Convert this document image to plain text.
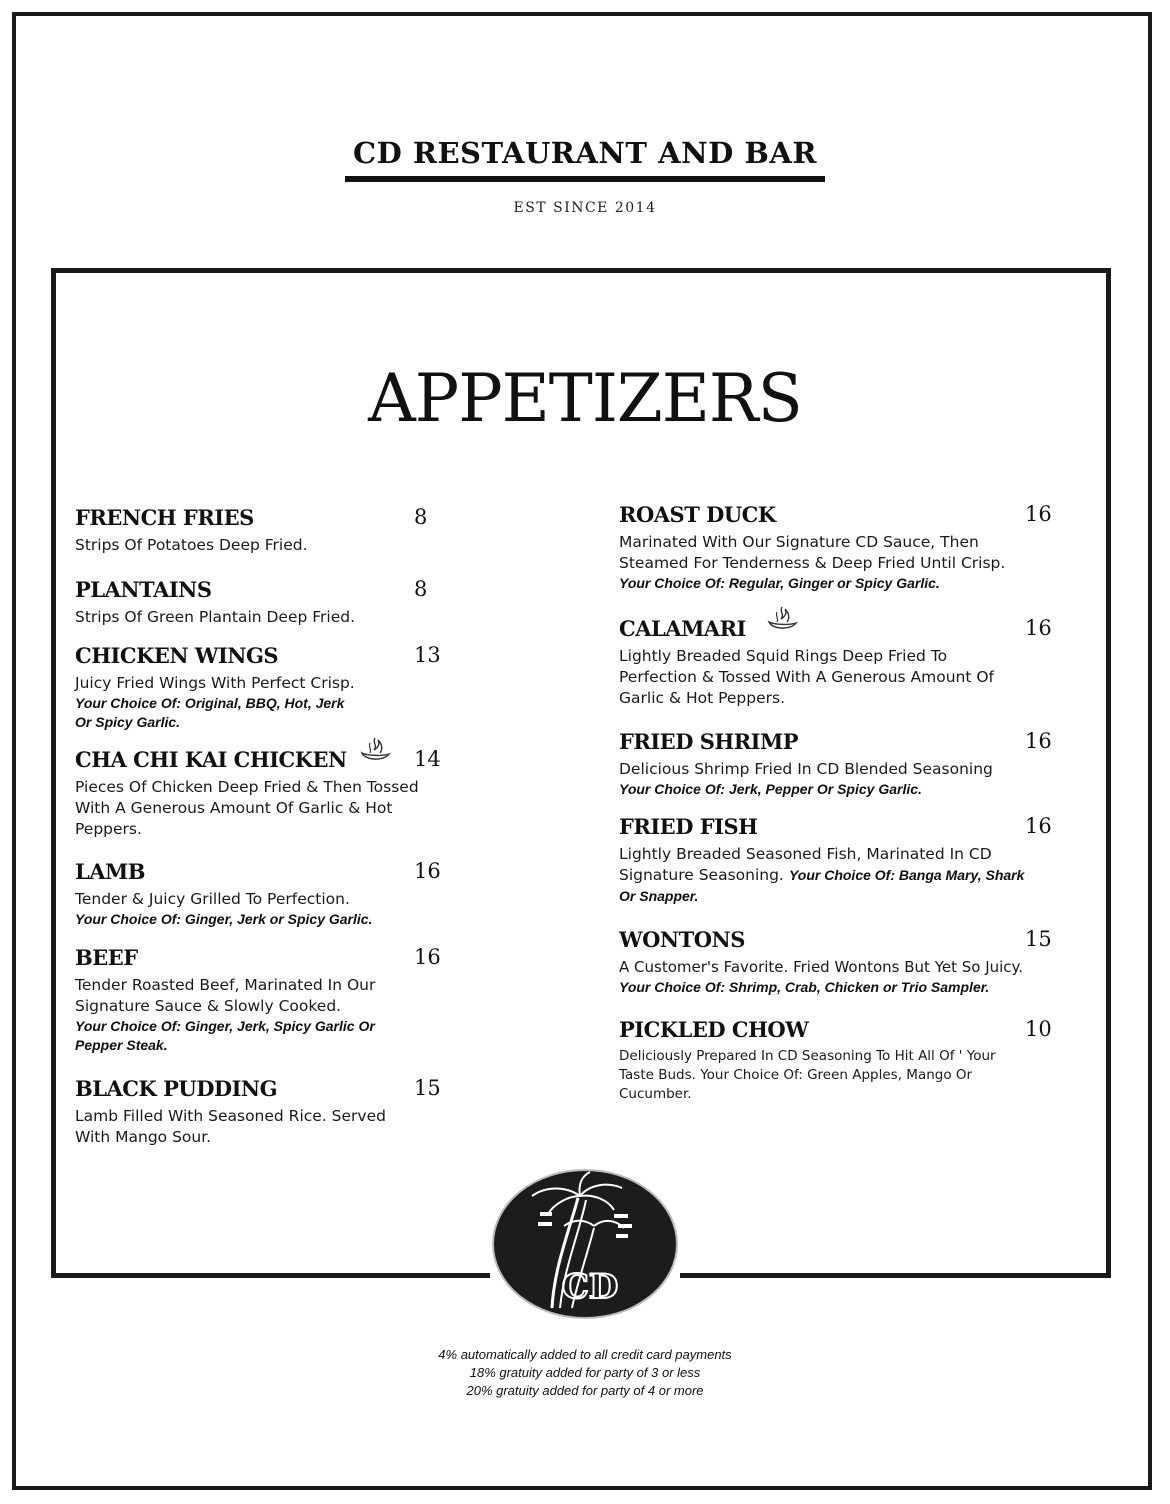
CD RESTAURANT AND BAR
EST SINCE 2014
APPETIZERS
FRENCH FRIES	8
Strips Of Potatoes Deep Fried.
PLANTAINS	8
Strips Of Green Plantain Deep Fried.
CHICKEN WINGS	13
Juicy Fried Wings With Perfect Crisp.
Your Choice Of: Original, BBQ, Hot, Jerk Or Spicy Garlic.
CHA CHI KAI CHICKEN	14
Pieces Of Chicken Deep Fried & Then Tossed With A Generous Amount Of Garlic & Hot Peppers.
LAMB	16
Tender & Juicy Grilled To Perfection.
Your Choice Of: Ginger, Jerk or Spicy Garlic.
BEEF	16
Tender Roasted Beef, Marinated In Our Signature Sauce & Slowly Cooked.
Your Choice Of: Ginger, Jerk, Spicy Garlic Or Pepper Steak.
BLACK PUDDING	15
Lamb Filled With Seasoned Rice. Served With Mango Sour.
ROAST DUCK	16
Marinated With Our Signature CD Sauce, Then Steamed For Tenderness & Deep Fried Until Crisp.
Your Choice Of: Regular, Ginger or Spicy Garlic.
CALAMARI	16
Lightly Breaded Squid Rings Deep Fried To Perfection & Tossed With A Generous Amount Of Garlic & Hot Peppers.
FRIED SHRIMP	16
Delicious Shrimp Fried In CD Blended Seasoning
Your Choice Of: Jerk, Pepper Or Spicy Garlic.
FRIED FISH	16
Lightly Breaded Seasoned Fish, Marinated In CD Signature Seasoning. Your Choice Of: Banga Mary, Shark Or Snapper.
WONTONS	15
A Customer's Favorite. Fried Wontons But Yet So Juicy.
Your Choice Of: Shrimp, Crab, Chicken or Trio Sampler.
PICKLED CHOW	10
Deliciously Prepared In CD Seasoning To Hit All Of ' Your Taste Buds. Your Choice Of: Green Apples, Mango Or Cucumber.
CD
4% automatically added to all credit card payments
18% gratuity added for party of 3 or less
20% gratuity added for party of 4 or more
